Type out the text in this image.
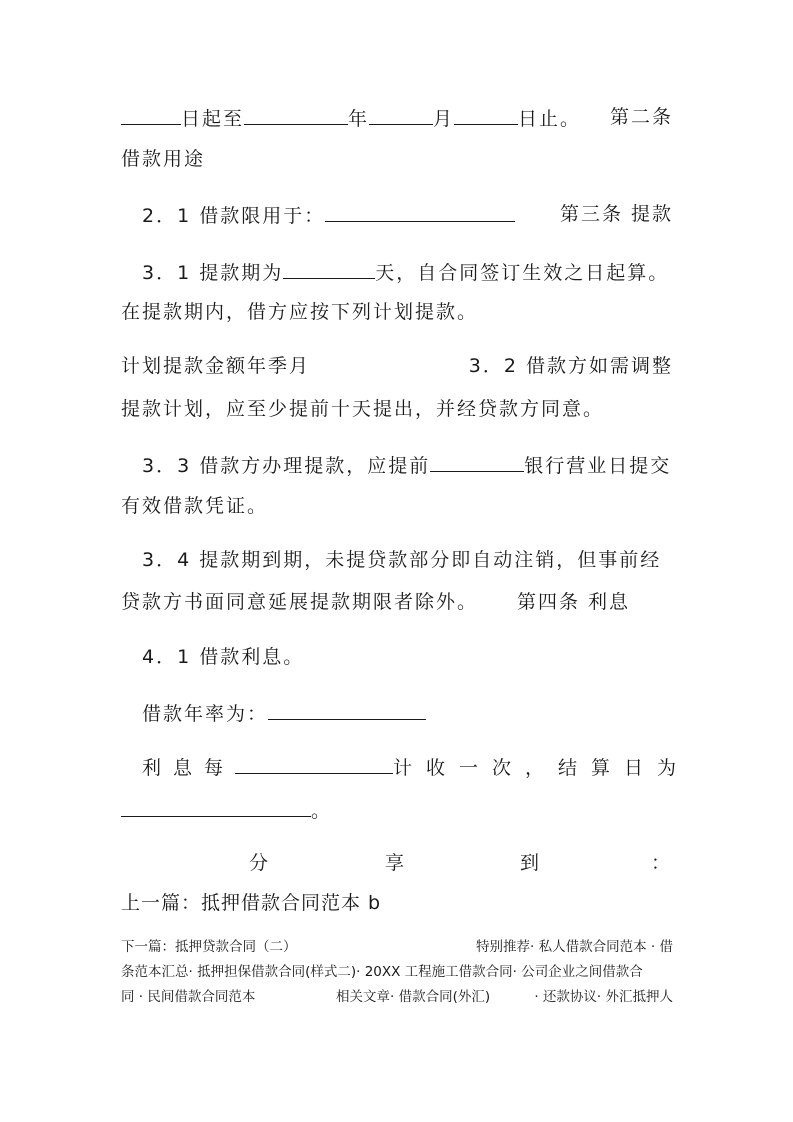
日起至	年	月	日止。 第二条
借款用途
2．1 借款限用于：	第三条 提款
3．1 提款期为	天，自合同签订生效之日起算。
在提款期内，借方应按下列计划提款。
计划提款金额年季月	3．2 借款方如需调整
提款计划，应至少提前十天提出，并经贷款方同意。
3．3 借款方办理提款，应提前	银行营业日提交
有效借款凭证。
3．4 提款期到期，未提贷款部分即自动注销，但事前经
贷款方书面同意延展提款期限者除外。 第四条 利息
4．1 借款利息。
借款年率为：
利息每	计收一次，结算日为
。
分	享	到	：
上一篇：抵押借款合同范本 b
下一篇：抵押贷款合同（二）	特别推荐· 私人借款合同范本 · 借
条范本汇总· 抵押担保借款合同(样式二)· 20XX 工程施工借款合同· 公司企业之间借款合
同 · 民间借款合同范本	相关文章· 借款合同(外汇)	· 还款协议· 外汇抵押人
